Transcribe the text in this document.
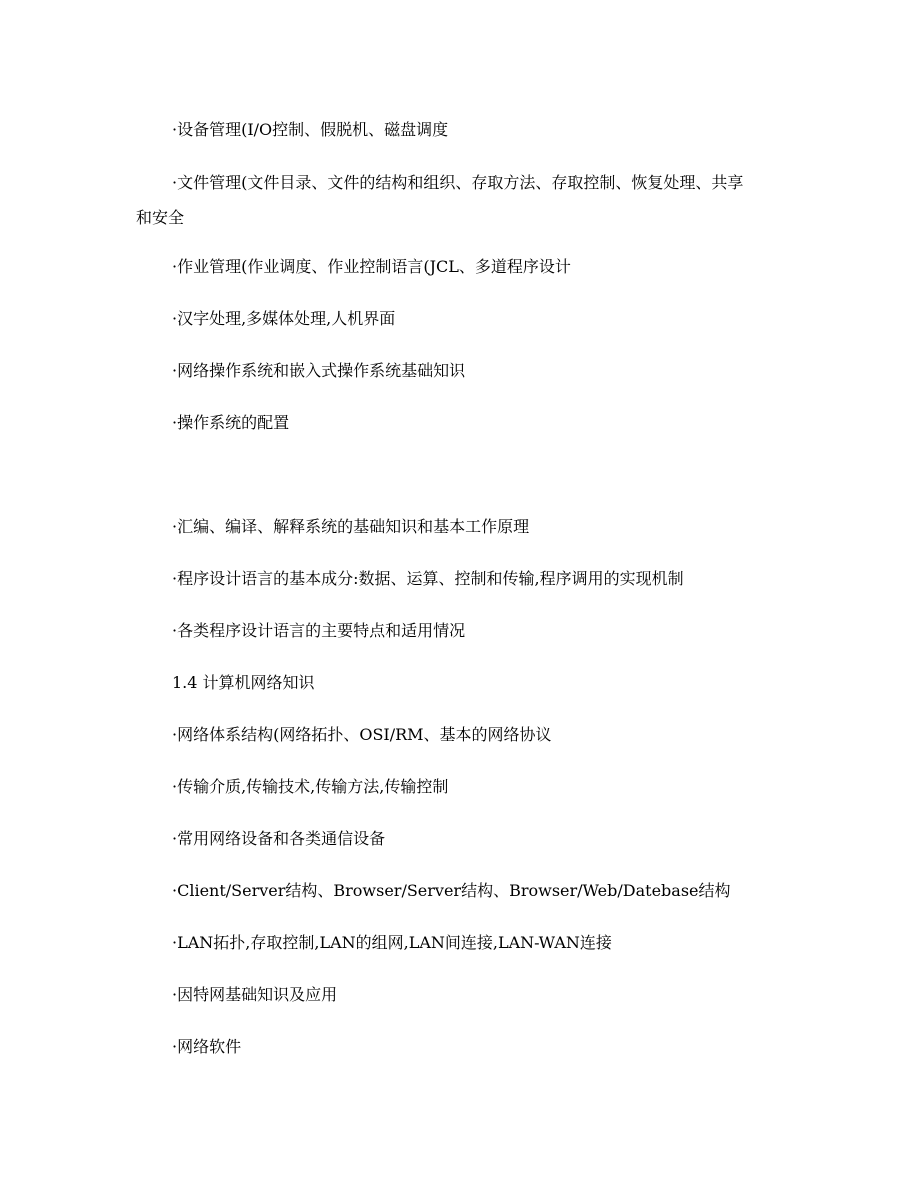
·设备管理(I/O控制、假脱机、磁盘调度
·文件管理(文件目录、文件的结构和组织、存取方法、存取控制、恢复处理、共享
和安全
·作业管理(作业调度、作业控制语言(JCL、多道程序设计
·汉字处理,多媒体处理,人机界面
·网络操作系统和嵌入式操作系统基础知识
·操作系统的配置
·汇编、编译、解释系统的基础知识和基本工作原理
·程序设计语言的基本成分:数据、运算、控制和传输,程序调用的实现机制
·各类程序设计语言的主要特点和适用情况
1.4 计算机网络知识
·网络体系结构(网络拓扑、OSI/RM、基本的网络协议
·传输介质,传输技术,传输方法,传输控制
·常用网络设备和各类通信设备
·Client/Server结构、Browser/Server结构、Browser/Web/Datebase结构
·LAN拓扑,存取控制,LAN的组网,LAN间连接,LAN-WAN连接
·因特网基础知识及应用
·网络软件
